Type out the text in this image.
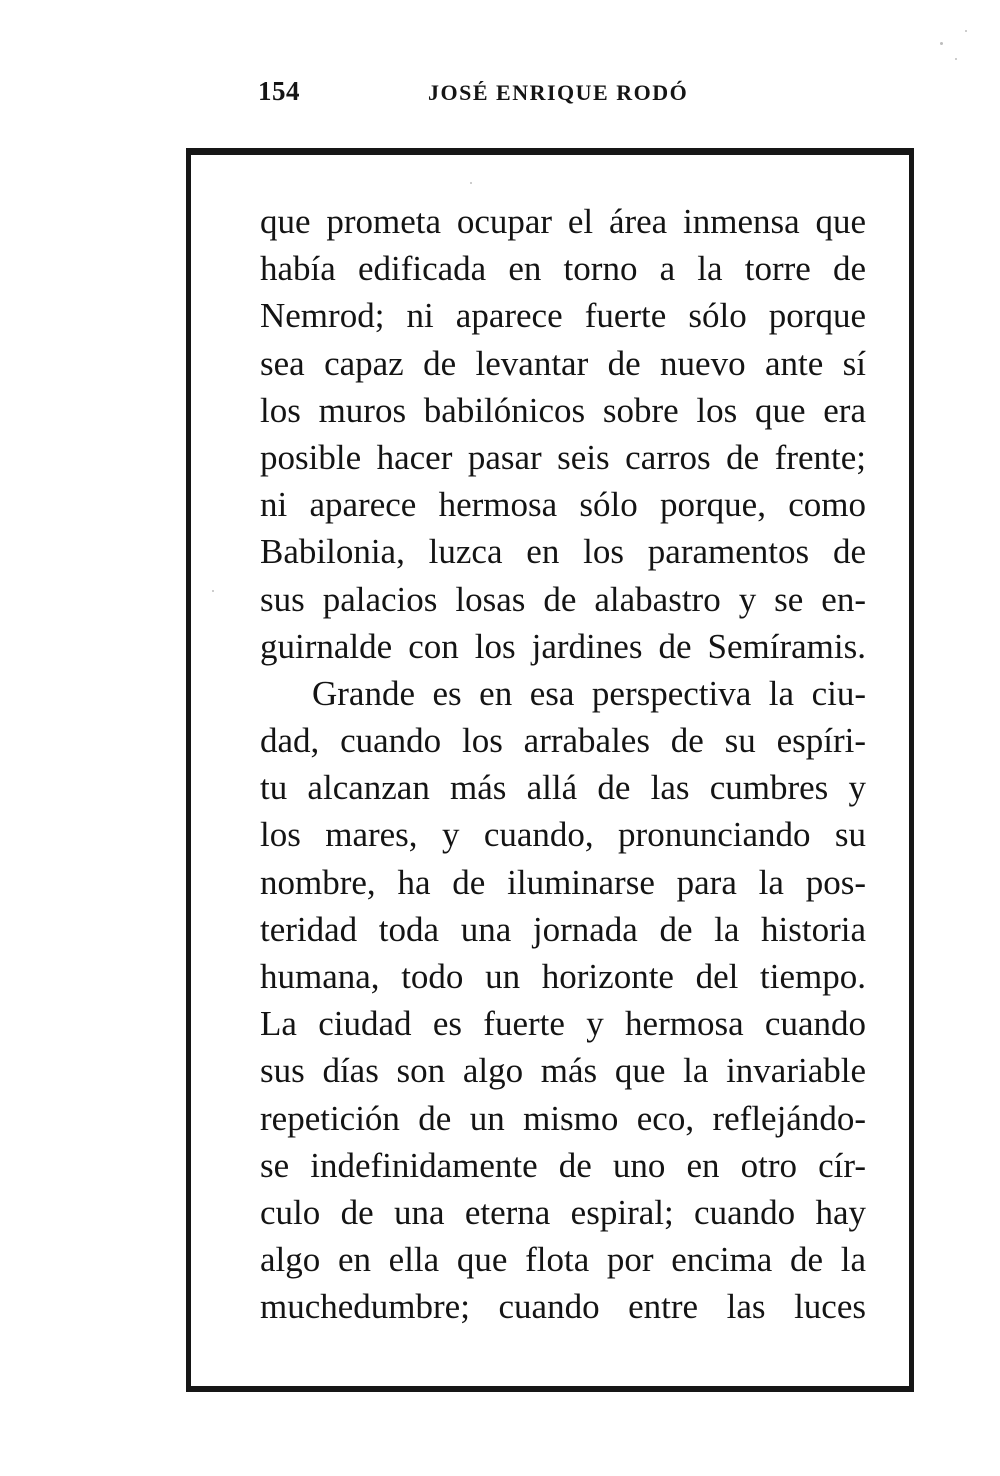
154	JOSÉ ENRIQUE RODÓ
que prometa ocupar el área inmensa que
había edificada en torno a la torre de
Nemrod; ni aparece fuerte sólo porque
sea capaz de levantar de nuevo ante sí
los muros babilónicos sobre los que era
posible hacer pasar seis carros de frente;
ni aparece hermosa sólo porque, como
Babilonia, luzca en los paramentos de
sus palacios losas de alabastro y se en-
guirnalde con los jardines de Semíramis.
Grande es en esa perspectiva la ciu-
dad, cuando los arrabales de su espíri-
tu alcanzan más allá de las cumbres y
los mares, y cuando, pronunciando su
nombre, ha de iluminarse para la pos-
teridad toda una jornada de la historia
humana, todo un horizonte del tiempo.
La ciudad es fuerte y hermosa cuando
sus días son algo más que la invariable
repetición de un mismo eco, reflejándo-
se indefinidamente de uno en otro cír-
culo de una eterna espiral; cuando hay
algo en ella que flota por encima de la
muchedumbre; cuando entre las luces
